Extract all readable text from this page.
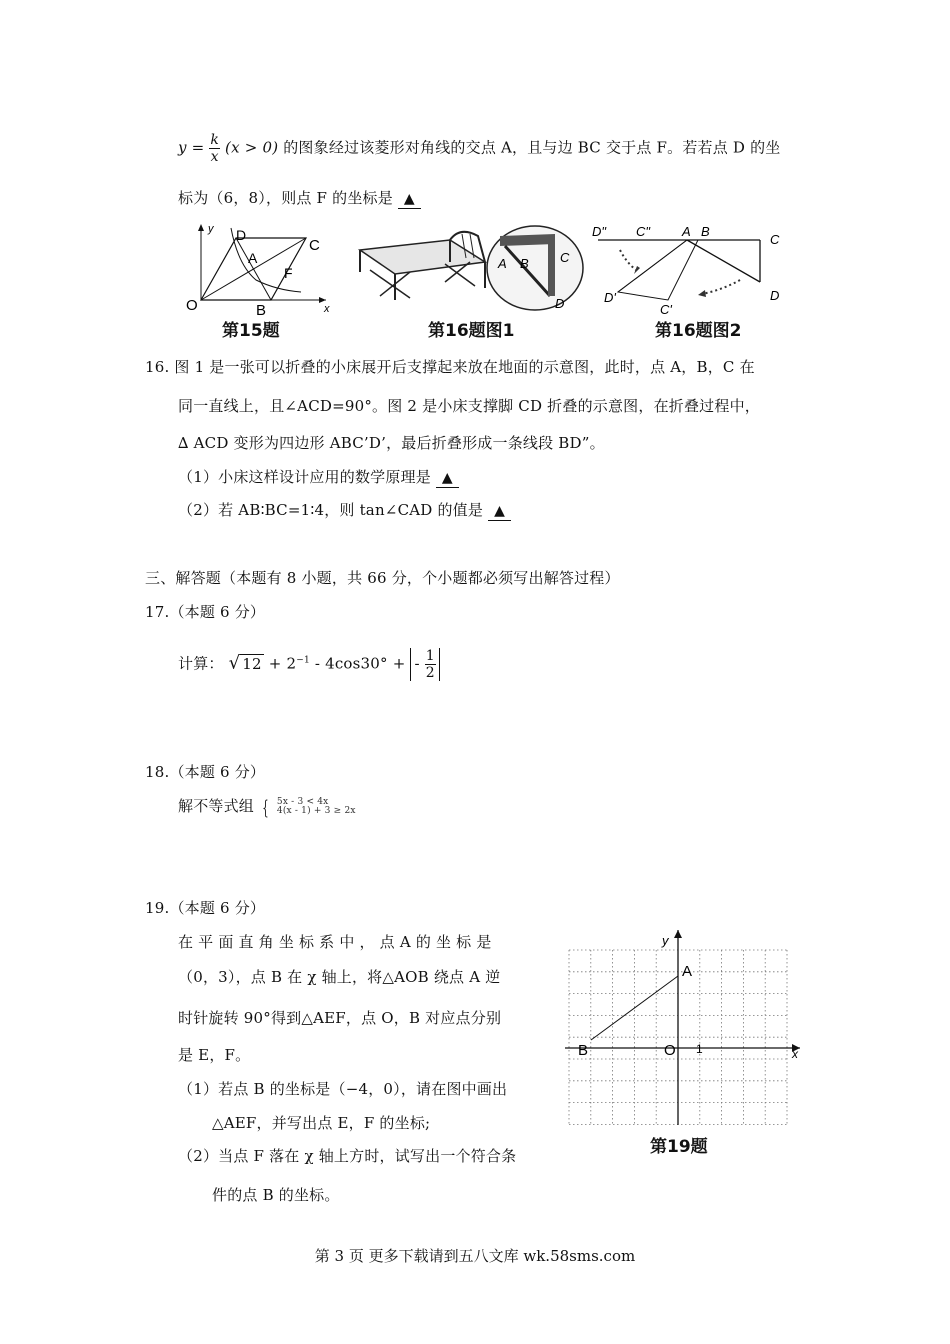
$y = \frac{k}{x} (x > 0)$ 的图象经过该菱形对角线的交点 A，且与边 BC 交于点 F。若若点 D 的坐
标为（6，8），则点 F 的坐标是 ▲
y
x
O
D
C
A
F
B
第15题
A B C
D
第16题图1
D" C" A B
C
D'
C'
D
第16题图2
16. 图 1 是一张可以折叠的小床展开后支撑起来放在地面的示意图，此时，点 A，B，C 在
同一直线上，且∠ACD=90°。图 2 是小床支撑脚 CD 折叠的示意图，在折叠过程中，
∆ ACD 变形为四边形 ABC’D’，最后折叠形成一条线段 BD”。
（1）小床这样设计应用的数学原理是 ▲
（2）若 AB∶BC=1∶4，则 tan∠CAD 的值是 ▲
三、解答题（本题有 8 小题，共 66 分，个小题都必须写出解答过程）
17.（本题 6 分）
计算： √ $12 + 2^{-1} - 4\cos 30^\circ$ + - $\frac{1}{2}$
18.（本题 6 分）
解不等式组 { 5x - 3 < 4x
4(x - 1) + 3 ≥ 2x
19.（本题 6 分）
在 平 面 直 角 坐 标 系 中 ， 点 A 的 坐 标 是
（0，3），点 B 在 χ 轴上，将△AOB 绕点 A 逆
时针旋转 90°得到△AEF，点 O，B 对应点分别
是 E，F。
（1）若点 B 的坐标是（−4，0），请在图中画出
△AEF，并写出点 E，F 的坐标;
（2）当点 F 落在 χ 轴上方时，试写出一个符合条
件的点 B 的坐标。
y
x
A
B	O 1
第19题
第 3 页 更多下载请到五八文库 wk.58sms.com
